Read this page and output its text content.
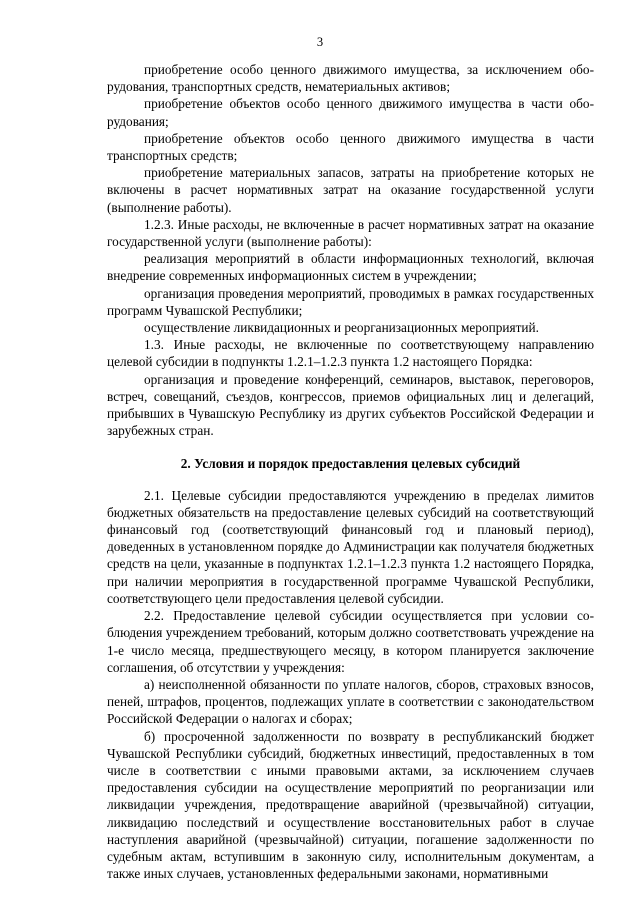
3

приобретение особо ценного движимого имущества, за исключением оборудования, транспортных средств, нематериальных активов;

приобретение объектов особо ценного движимого имущества в части оборудования;

приобретение объектов особо ценного движимого имущества в части транспортных средств;

приобретение материальных запасов, затраты на приобретение которых не включены в расчет нормативных затрат на оказание государственной услуги (выполнение работы).

1.2.3. Иные расходы, не включенные в расчет нормативных затрат на оказание государственной услуги (выполнение работы):

реализация мероприятий в области информационных технологий, включая внедрение современных информационных систем в учреждении;

организация проведения мероприятий, проводимых в рамках государственных программ Чувашской Республики;

осуществление ликвидационных и реорганизационных мероприятий.

1.3. Иные расходы, не включенные по соответствующему направлению целевой субсидии в подпункты 1.2.1–1.2.3 пункта 1.2 настоящего Порядка:

организация и проведение конференций, семинаров, выставок, переговоров, встреч, совещаний, съездов, конгрессов, приемов официальных лиц и делегаций, прибывших в Чувашскую Республику из других субъектов Российской Федерации и зарубежных стран.

2. Условия и порядок предоставления целевых субсидий

2.1. Целевые субсидии предоставляются учреждению в пределах лимитов бюджетных обязательств на предоставление целевых субсидий на соответствующий финансовый год (соответствующий финансовый год и плановый период), доведенных в установленном порядке до Администрации как получателя бюджетных средств на цели, указанные в подпунктах 1.2.1–1.2.3 пункта 1.2 настоящего Порядка, при наличии мероприятия в государственной программе Чувашской Республики, соответствующего цели предоставления целевой субсидии.

2.2. Предоставление целевой субсидии осуществляется при условии соблюдения учреждением требований, которым должно соответствовать учреждение на 1-е число месяца, предшествующего месяцу, в котором планируется заключение соглашения, об отсутствии у учреждения:

а) неисполненной обязанности по уплате налогов, сборов, страховых взносов, пеней, штрафов, процентов, подлежащих уплате в соответствии с законодательством Российской Федерации о налогах и сборах;

б) просроченной задолженности по возврату в республиканский бюджет Чувашской Республики субсидий, бюджетных инвестиций, предоставленных в том числе в соответствии с иными правовыми актами, за исключением случаев предоставления субсидии на осуществление мероприятий по реорганизации или ликвидации учреждения, предотвращение аварийной (чрезвычайной) ситуации, ликвидацию последствий и осуществление восстановительных работ в случае наступления аварийной (чрезвычайной) ситуации, погашение задолженности по судебным актам, вступившим в законную силу, исполнительным документам, а также иных случаев, установленных федеральными законами, нормативными
